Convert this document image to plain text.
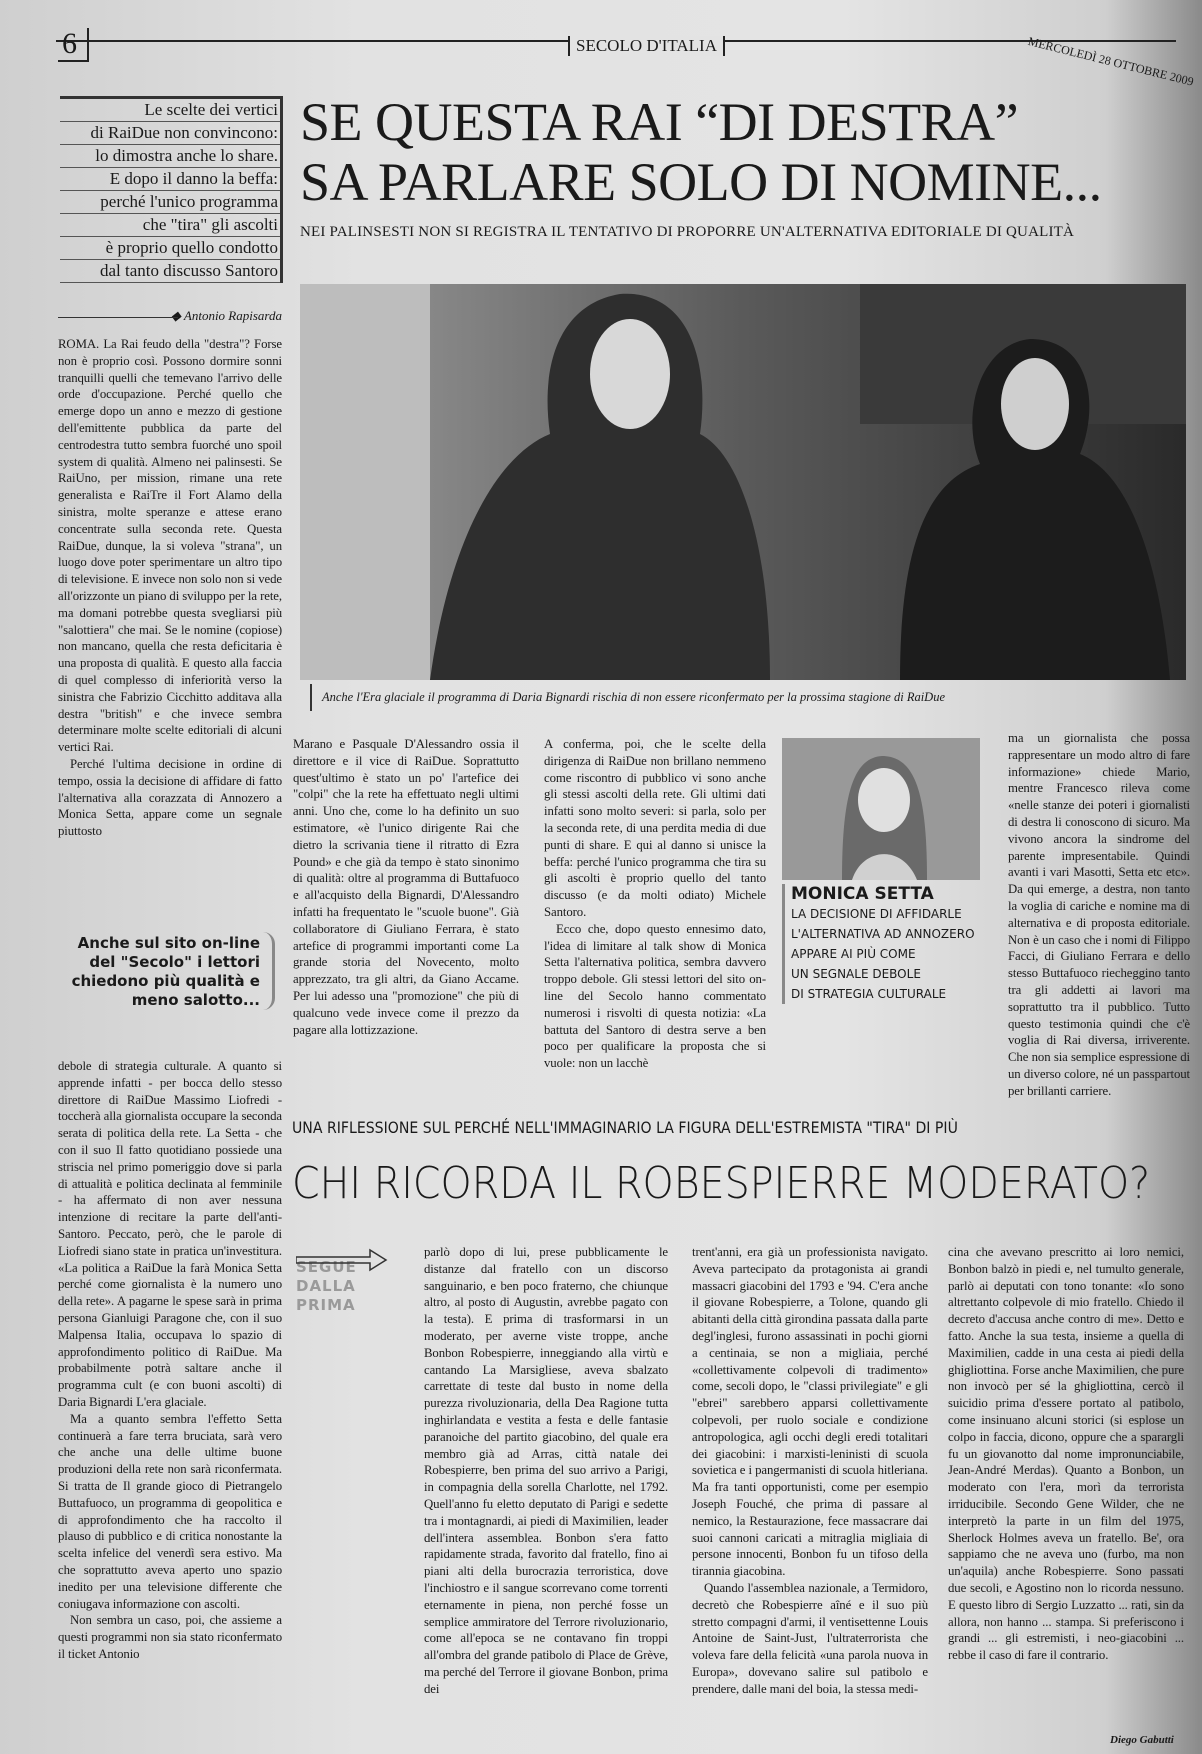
6	SECOLO D'ITALIA	MERCOLEDÌ 28 OTTOBRE 2009
Le scelte dei vertici
di RaiDue non convincono:
lo dimostra anche lo share.
E dopo il danno la beffa:
perché l'unico programma
che "tira" gli ascolti
è proprio quello condotto
dal tanto discusso Santoro
SE QUESTA RAI “DI DESTRA”
SA PARLARE SOLO DI NOMINE...
NEI PALINSESTI NON SI REGISTRA IL TENTATIVO DI PROPORRE UN'ALTERNATIVA EDITORIALE DI QUALITÀ
Anche l'Era glaciale il programma di Daria Bignardi rischia di non essere riconfermato per la prossima stagione di RaiDue
◆ Antonio Rapisarda

ROMA. La Rai feudo della "destra"? Forse non è proprio così. Possono dormire sonni tranquilli quelli che temevano l'arrivo delle orde d'occupazione. Perché quello che emerge dopo un anno e mezzo di gestione dell'emittente pubblica da parte del centrodestra tutto sembra fuorché uno spoil system di qualità. Almeno nei palinsesti. Se RaiUno, per mission, rimane una rete generalista e RaiTre il Fort Alamo della sinistra, molte speranze e attese erano concentrate sulla seconda rete. Questa RaiDue, dunque, la si voleva "strana", un luogo dove poter sperimentare un altro tipo di televisione. E invece non solo non si vede all'orizzonte un piano di sviluppo per la rete, ma domani potrebbe questa svegliarsi più "salottiera" che mai. Se le nomine (copiose) non mancano, quella che resta deficitaria è una proposta di qualità. E questo alla faccia di quel complesso di inferiorità verso la sinistra che Fabrizio Cicchitto additava alla destra "british" e che invece sembra determinare molte scelte editoriali di alcuni vertici Rai.

Perché l'ultima decisione in ordine di tempo, ossia la decisione di affidare di fatto l'alternativa alla corazzata di Annozero a Monica Setta, appare come un segnale piuttosto

Anche sul sito on-line del "Secolo" i lettori chiedono più qualità e meno salotto...

debole di strategia culturale. A quanto si apprende infatti - per bocca dello stesso direttore di RaiDue Massimo Liofredi - toccherà alla giornalista occupare la seconda serata di politica della rete. La Setta - che con il suo Il fatto quotidiano possiede una striscia nel primo pomeriggio dove si parla di attualità e politica declinata al femminile - ha affermato di non aver nessuna intenzione di recitare la parte dell'anti-Santoro. Peccato, però, che le parole di Liofredi siano state in pratica un'investitura. «La politica a RaiDue la farà Monica Setta perché come giornalista è la numero uno della rete». A pagarne le spese sarà in prima persona Gianluigi Paragone che, con il suo Malpensa Italia, occupava lo spazio di approfondimento politico di RaiDue. Ma probabilmente potrà saltare anche il programma cult (e con buoni ascolti) di Daria Bignardi L'era glaciale.

Ma a quanto sembra l'effetto Setta continuerà a fare terra bruciata, sarà vero che anche una delle ultime buone produzioni della rete non sarà riconfermata. Si tratta de Il grande gioco di Pietrangelo Buttafuoco, un programma di geopolitica e di approfondimento che ha raccolto il plauso di pubblico e di critica nonostante la scelta infelice del venerdì sera estivo. Ma che soprattutto aveva aperto uno spazio inedito per una televisione differente che coniugava informazione con ascolti.

Non sembra un caso, poi, che assieme a questi programmi non sia stato riconfermato il ticket Antonio

Marano e Pasquale D'Alessandro ossia il direttore e il vice di RaiDue. Soprattutto quest'ultimo è stato un po' l'artefice dei "colpi" che la rete ha effettuato negli ultimi anni. Uno che, come lo ha definito un suo estimatore, «è l'unico dirigente Rai che dietro la scrivania tiene il ritratto di Ezra Pound» e che già da tempo è stato sinonimo di qualità: oltre al programma di Buttafuoco e all'acquisto della Bignardi, D'Alessandro infatti ha frequentato le "scuole buone". Già collaboratore di Giuliano Ferrara, è stato artefice di programmi importanti come La grande storia del Novecento, molto apprezzato, tra gli altri, da Giano Accame. Per lui adesso una "promozione" che più di qualcuno vede invece come il prezzo da pagare alla lottizzazione.

A conferma, poi, che le scelte della dirigenza di RaiDue non brillano nemmeno come riscontro di pubblico vi sono anche gli stessi ascolti della rete. Gli ultimi dati infatti sono molto severi: si parla, solo per la seconda rete, di una perdita media di due punti di share. E qui al danno si unisce la beffa: perché l'unico programma che tira su gli ascolti è proprio quello del tanto discusso (e da molti odiato) Michele Santoro.

Ecco che, dopo questo ennesimo dato, l'idea di limitare al talk show di Monica Setta l'alternativa politica, sembra davvero troppo debole. Gli stessi lettori del sito on-line del Secolo hanno commentato numerosi i risvolti di questa notizia: «La battuta del Santoro di destra serve a ben poco per qualificare la proposta che si vuole: non un lacchè

MONICA SETTA
LA DECISIONE DI AFFIDARLE
L'ALTERNATIVA AD ANNOZERO
APPARE AI PIÙ COME
UN SEGNALE DEBOLE
DI STRATEGIA CULTURALE

ma un giornalista che possa rappresentare un modo altro di fare informazione» chiede Mario, mentre Francesco rileva come «nelle stanze dei poteri i giornalisti di destra li conoscono di sicuro. Ma vivono ancora la sindrome del parente impresentabile. Quindi avanti i vari Masotti, Setta etc etc». Da qui emerge, a destra, non tanto la voglia di cariche e nomine ma di alternativa e di proposta editoriale. Non è un caso che i nomi di Filippo Facci, di Giuliano Ferrara e dello stesso Buttafuoco riecheggino tanto tra gli addetti ai lavori ma soprattutto tra il pubblico. Tutto questo testimonia quindi che c'è voglia di Rai diversa, irriverente. Che non sia semplice espressione di un diverso colore, né un passpartout per brillanti carriere.

UNA RIFLESSIONE SUL PERCHÉ NELL'IMMAGINARIO LA FIGURA DELL'ESTREMISTA "TIRA" DI PIÙ
CHI RICORDA IL ROBESPIERRE MODERATO?
SEGUE
DALLA
PRIMA

parlò dopo di lui, prese pubblicamente le distanze dal fratello con un discorso sanguinario, e ben poco fraterno, che chiunque altro, al posto di Augustin, avrebbe pagato con la testa). E prima di trasformarsi in un moderato, per averne viste troppe, anche Bonbon Robespierre, inneggiando alla virtù e cantando La Marsigliese, aveva sbalzato carrettate di teste dal busto in nome della purezza rivoluzionaria, della Dea Ragione tutta inghirlandata e vestita a festa e delle fantasie paranoiche del partito giacobino, del quale era membro già ad Arras, città natale dei Robespierre, ben prima del suo arrivo a Parigi, in compagnia della sorella Charlotte, nel 1792. Quell'anno fu eletto deputato di Parigi e sedette tra i montagnardi, ai piedi di Maximilien, leader dell'intera assemblea. Bonbon s'era fatto rapidamente strada, favorito dal fratello, fino ai piani alti della burocrazia terroristica, dove l'inchiostro e il sangue scorrevano come torrenti eternamente in piena, non perché fosse un semplice ammiratore del Terrore rivoluzionario, come all'epoca se ne contavano fin troppi all'ombra del grande patibolo di Place de Grève, ma perché del Terrore il giovane Bonbon, prima dei

trent'anni, era già un professionista navigato. Aveva partecipato da protagonista ai grandi massacri giacobini del 1793 e '94. C'era anche il giovane Robespierre, a Tolone, quando gli abitanti della città girondina passata dalla parte degl'inglesi, furono assassinati in pochi giorni a centinaia, se non a migliaia, perché «collettivamente colpevoli di tradimento» come, secoli dopo, le "classi privilegiate" e gli "ebrei" sarebbero apparsi collettivamente colpevoli, per ruolo sociale e condizione antropologica, agli occhi degli eredi totalitari dei giacobini: i marxisti-leninisti di scuola sovietica e i pangermanisti di scuola hitleriana. Ma fra tanti opportunisti, come per esempio Joseph Fouché, che prima di passare al nemico, la Restaurazione, fece massacrare dai suoi cannoni caricati a mitraglia migliaia di persone innocenti, Bonbon fu un tifoso della tirannia giacobina.

Quando l'assemblea nazionale, a Termidoro, decretò che Robespierre aîné e il suo più stretto compagni d'armi, il ventisettenne Louis Antoine de Saint-Just, l'ultraterrorista che voleva fare della felicità «una parola nuova in Europa», dovevano salire sul patibolo e prendere, dalle mani del boia, la stessa medi-

cina che avevano prescritto ai loro nemici, Bonbon balzò in piedi e, nel tumulto generale, parlò ai deputati con tono tonante: «Io sono altrettanto colpevole di mio fratello. Chiedo il decreto d'accusa anche contro di me». Detto e fatto. Anche la sua testa, insieme a quella di Maximilien, cadde in una cesta ai piedi della ghigliottina. Forse anche Maximilien, che pure non invocò per sé la ghigliottina, cercò il suicidio prima d'essere portato al patibolo, come insinuano alcuni storici (si esplose un colpo in faccia, dicono, oppure che a sparargli fu un giovanotto dal nome impronunciabile, Jean-André Merdas). Quanto a Bonbon, un moderato con l'era, morì da terrorista irriducibile. Secondo Gene Wilder, che ne interpretò la parte in un film del 1975, Sherlock Holmes aveva un fratello. Be', ora sappiamo che ne aveva uno (furbo, ma non un'aquila) anche Robespierre. Sono passati due secoli, e Agostino non lo ricorda nessuno. E questo libro di Sergio Luzzatto ... rati, sin da allora, non hanno ... stampa. Si preferiscono i grandi ... gli estremisti, i neo-giacobini ... rebbe il caso di fare il contrario.

Diego Gabutti
